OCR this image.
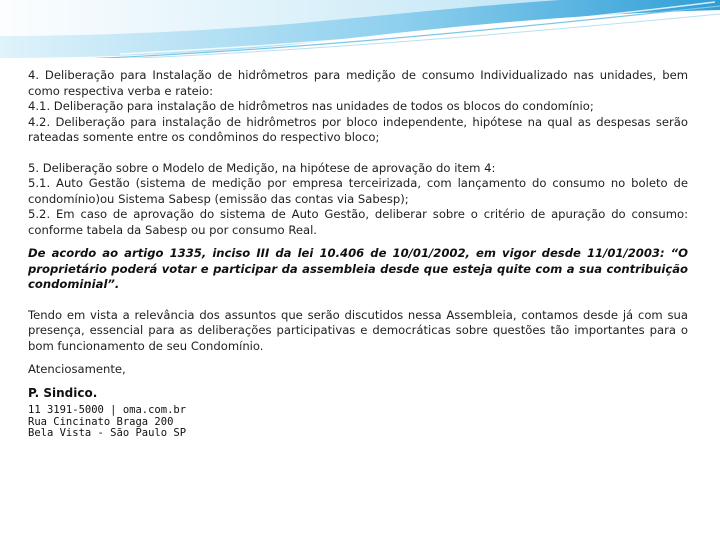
4. Deliberação para Instalação de hidrômetros para medição de consumo Individualizado nas unidades, bem como respectiva verba e rateio:

4.1. Deliberação para instalação de hidrômetros nas unidades de todos os blocos do condomínio;

4.2. Deliberação para instalação de hidrômetros por bloco independente, hipótese na qual as despesas serão rateadas somente entre os condôminos do respectivo bloco;

5. Deliberação sobre o Modelo de Medição, na hipótese de aprovação do item 4:

5.1. Auto Gestão (sistema de medição por empresa terceirizada, com lançamento do consumo no boleto de condomínio)ou Sistema Sabesp (emissão das contas via Sabesp);

5.2. Em caso de aprovação do sistema de Auto Gestão, deliberar sobre o critério de apuração do consumo: conforme tabela da Sabesp ou por consumo Real.

De acordo ao artigo 1335, inciso III da lei 10.406 de 10/01/2002, em vigor desde 11/01/2003: “O proprietário poderá votar e participar da assembleia desde que esteja quite com a sua contribuição condominial”.

Tendo em vista a relevância dos assuntos que serão discutidos nessa Assembleia, contamos desde já com sua presença, essencial para as deliberações participativas e democráticas sobre questões tão importantes para o bom funcionamento de seu Condomínio.

Atenciosamente,

P. Sindico.

11 3191-5000 | oma.com.br

Rua Cincinato Braga 200

Bela Vista - São Paulo SP
